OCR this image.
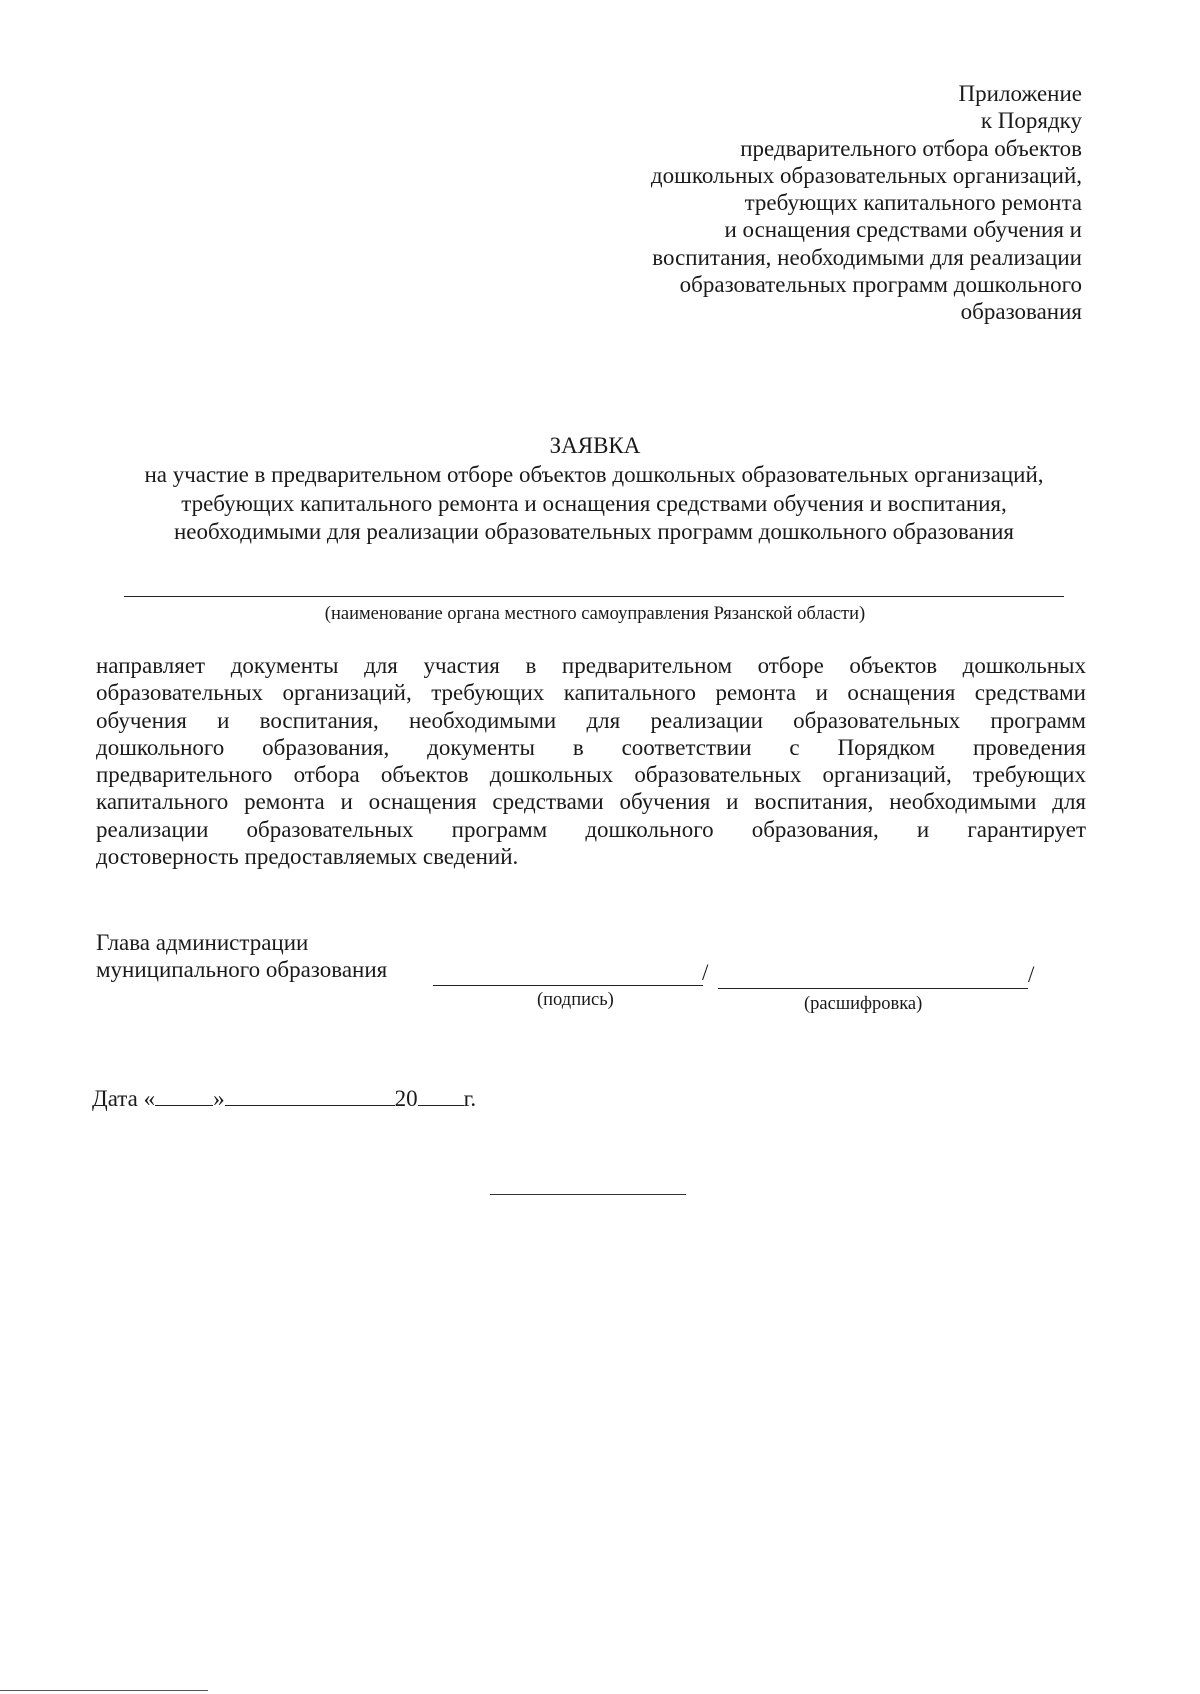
Приложение
к Порядку
предварительного отбора объектов
дошкольных образовательных организаций,
требующих капитального ремонта
и оснащения средствами обучения и
воспитания, необходимыми для реализации
образовательных программ дошкольного
образования
ЗАЯВКА
на участие в предварительном отборе объектов дошкольных образовательных организаций,
требующих капитального ремонта и оснащения средствами обучения и воспитания,
необходимыми для реализации образовательных программ дошкольного образования
(наименование органа местного самоуправления Рязанской области)
направляет документы для участия в предварительном отборе объектов дошкольных
образовательных организаций, требующих капитального ремонта и оснащения средствами
обучения и воспитания, необходимыми для реализации образовательных программ
дошкольного образования, документы в соответствии с Порядком проведения
предварительного отбора объектов дошкольных образовательных организаций, требующих
капитального ремонта и оснащения средствами обучения и воспитания, необходимыми для
реализации образовательных программ дошкольного образования, и гарантирует
достоверность предоставляемых сведений.
Глава администрации
муниципального образования	/	/
(подпись)	(расшифровка)
Дата «	»	20 г.
